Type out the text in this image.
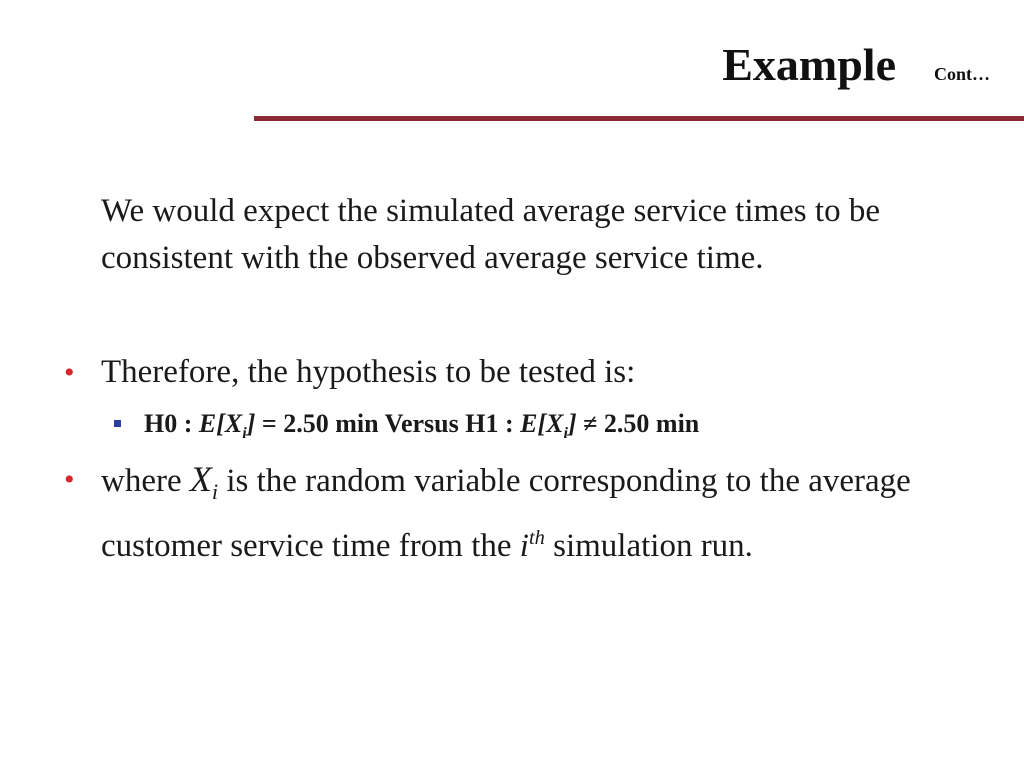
Example Cont…
We would expect the simulated average service times to be consistent with the observed average service time.
• Therefore, the hypothesis to be tested is:
H0 : $E[X_i] = 2.50$ min Versus H1 : $E[X_i] \ne 2.50$ min
• where $X_i$ is the random variable corresponding to the average customer service time from the $i^{th}$ simulation run.
